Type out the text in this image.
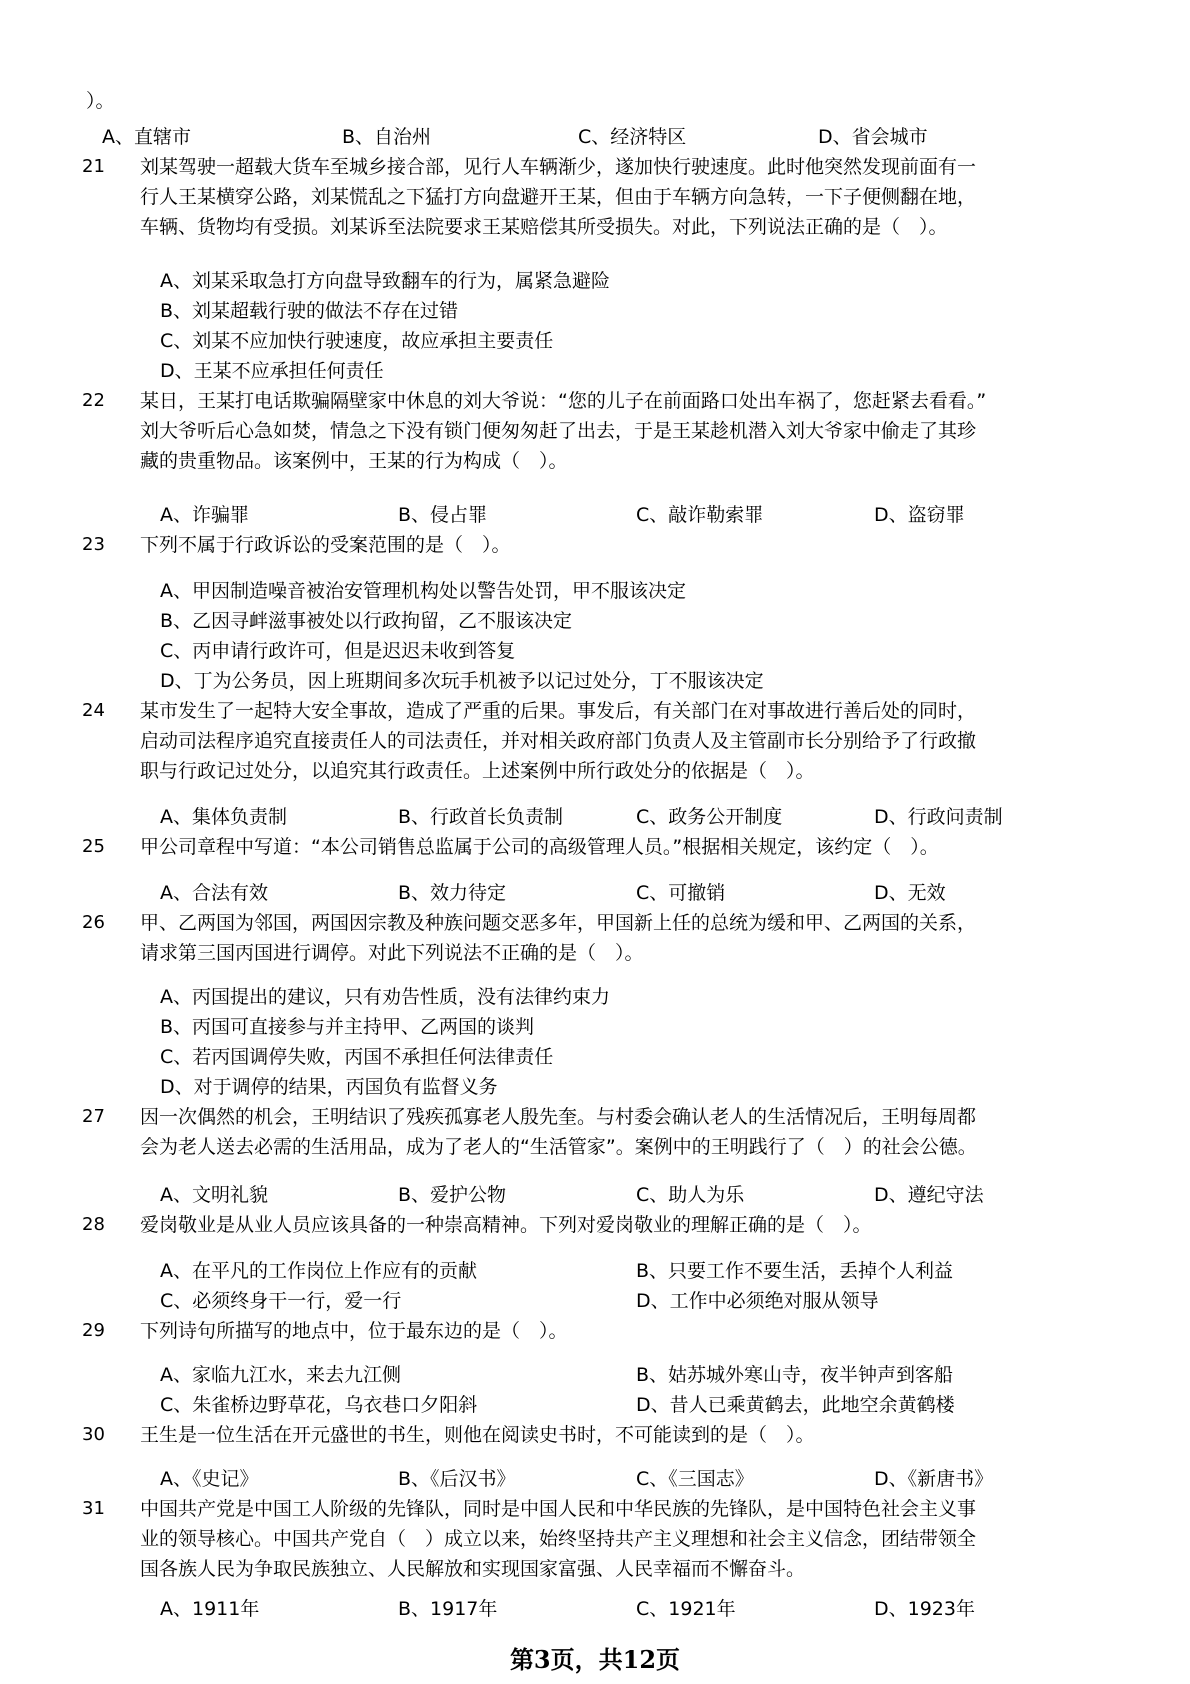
）。
A、直辖市	B、自治州	C、经济特区	D、省会城市
21 刘某驾驶一超载大货车至城乡接合部，见行人车辆渐少，遂加快行驶速度。此时他突然发现前面有一
行人王某横穿公路，刘某慌乱之下猛打方向盘避开王某，但由于车辆方向急转，一下子便侧翻在地，
车辆、货物均有受损。刘某诉至法院要求王某赔偿其所受损失。对此，下列说法正确的是（　）。
A、刘某采取急打方向盘导致翻车的行为，属紧急避险
B、刘某超载行驶的做法不存在过错
C、刘某不应加快行驶速度，故应承担主要责任
D、王某不应承担任何责任
22 某日，王某打电话欺骗隔壁家中休息的刘大爷说：“您的儿子在前面路口处出车祸了，您赶紧去看看。”
刘大爷听后心急如焚，情急之下没有锁门便匆匆赶了出去，于是王某趁机潜入刘大爷家中偷走了其珍
藏的贵重物品。该案例中，王某的行为构成（　）。
A、诈骗罪	B、侵占罪	C、敲诈勒索罪	D、盗窃罪
23 下列不属于行政诉讼的受案范围的是（　）。
A、甲因制造噪音被治安管理机构处以警告处罚，甲不服该决定
B、乙因寻衅滋事被处以行政拘留，乙不服该决定
C、丙申请行政许可，但是迟迟未收到答复
D、丁为公务员，因上班期间多次玩手机被予以记过处分，丁不服该决定
24 某市发生了一起特大安全事故，造成了严重的后果。事发后，有关部门在对事故进行善后处的同时，
启动司法程序追究直接责任人的司法责任，并对相关政府部门负责人及主管副市长分别给予了行政撤
职与行政记过处分，以追究其行政责任。上述案例中所行政处分的依据是（　）。
A、集体负责制	B、行政首长负责制	C、政务公开制度	D、行政问责制
25 甲公司章程中写道：“本公司销售总监属于公司的高级管理人员。”根据相关规定，该约定（　）。
A、合法有效	B、效力待定	C、可撤销	D、无效
26 甲、乙两国为邻国，两国因宗教及种族问题交恶多年，甲国新上任的总统为缓和甲、乙两国的关系，
请求第三国丙国进行调停。对此下列说法不正确的是（　）。
A、丙国提出的建议，只有劝告性质，没有法律约束力
B、丙国可直接参与并主持甲、乙两国的谈判
C、若丙国调停失败，丙国不承担任何法律责任
D、对于调停的结果，丙国负有监督义务
27 因一次偶然的机会，王明结识了残疾孤寡老人殷先奎。与村委会确认老人的生活情况后，王明每周都
会为老人送去必需的生活用品，成为了老人的“生活管家”。案例中的王明践行了（　）的社会公德。
A、文明礼貌	B、爱护公物	C、助人为乐	D、遵纪守法
28 爱岗敬业是从业人员应该具备的一种崇高精神。下列对爱岗敬业的理解正确的是（　）。
A、在平凡的工作岗位上作应有的贡献	B、只要工作不要生活，丢掉个人利益
C、必须终身干一行，爱一行	D、工作中必须绝对服从领导
29 下列诗句所描写的地点中，位于最东边的是（　）。
A、家临九江水，来去九江侧	B、姑苏城外寒山寺，夜半钟声到客船
C、朱雀桥边野草花，乌衣巷口夕阳斜	D、昔人已乘黄鹤去，此地空余黄鹤楼
30 王生是一位生活在开元盛世的书生，则他在阅读史书时，不可能读到的是（　）。
A、《史记》	B、《后汉书》	C、《三国志》	D、《新唐书》
31 中国共产党是中国工人阶级的先锋队，同时是中国人民和中华民族的先锋队，是中国特色社会主义事
业的领导核心。中国共产党自（　）成立以来，始终坚持共产主义理想和社会主义信念，团结带领全
国各族人民为争取民族独立、人民解放和实现国家富强、人民幸福而不懈奋斗。
A、1911年	B、1917年	C、1921年	D、1923年
第3页，共12页
